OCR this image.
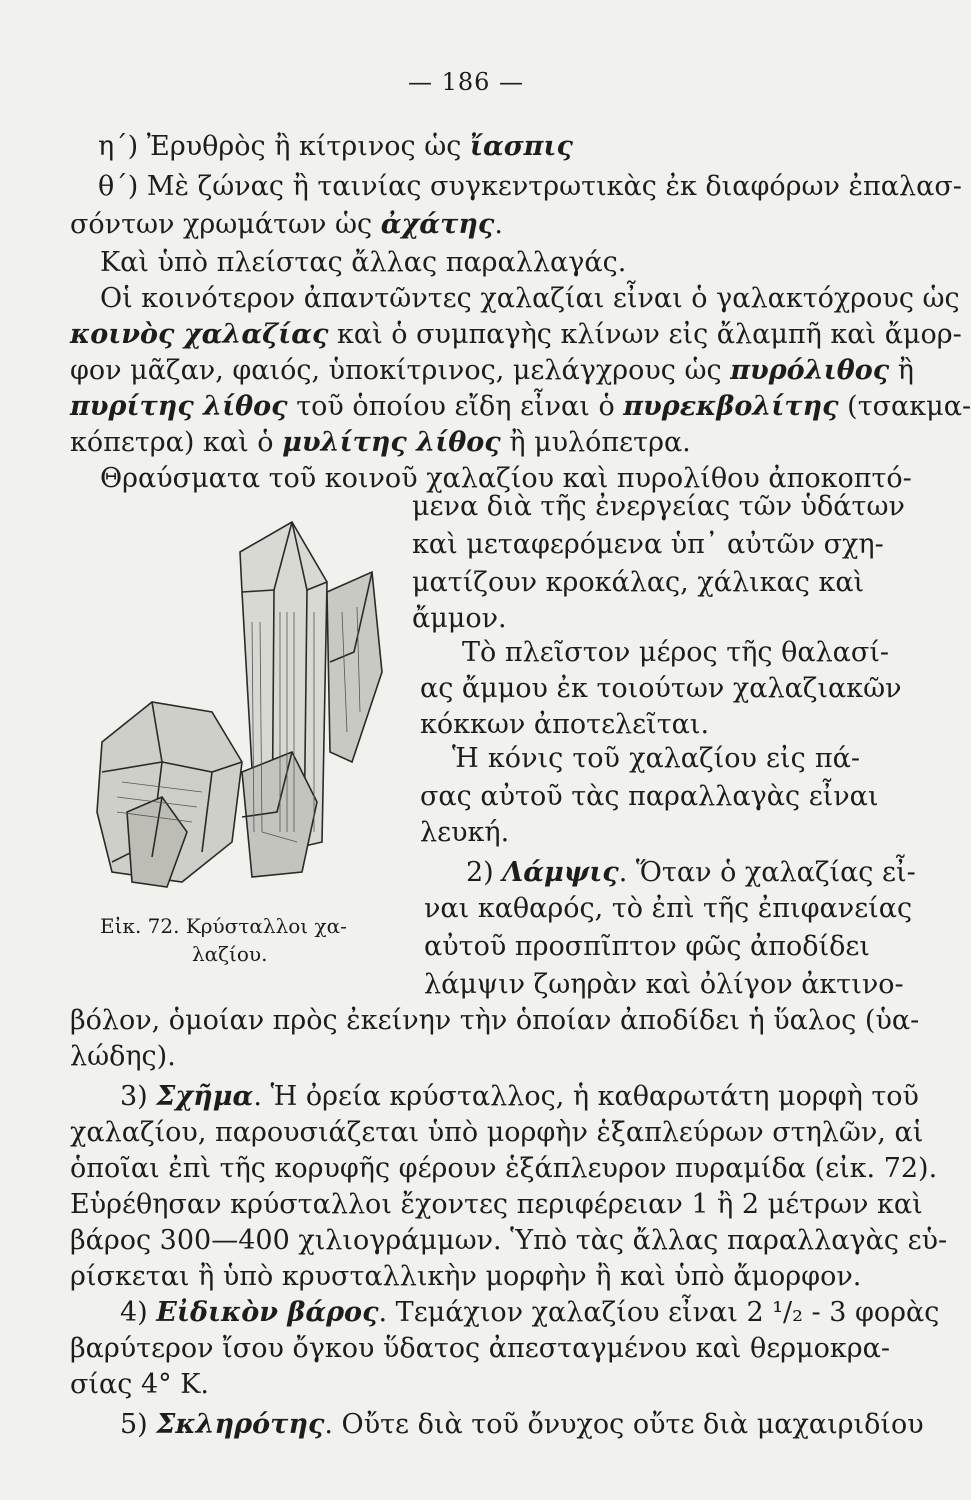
— 186 —
η΄) Ἐρυθρὸς ἢ κίτρινος ὡς ἴασπις
θ΄) Μὲ ζώνας ἢ ταινίας συγκεντρωτικὰς ἐκ διαφόρων ἐπαλασ-
σόντων χρωμάτων ὡς ἀχάτης.
Καὶ ὑπὸ πλείστας ἄλλας παραλλαγάς.
Οἱ κοινότερον ἀπαντῶντες χαλαζίαι εἶναι ὁ γαλακτόχρους ὡς
κοινὸς χαλαζίας καὶ ὁ συμπαγὴς κλίνων εἰς ἄλαμπῆ καὶ ἄμορ-
φον μᾶζαν, φαιός, ὑποκίτρινος, μελάγχρους ὡς πυρόλιθος ἢ
πυρίτης λίθος τοῦ ὁποίου εἴδη εἶναι ὁ πυρεκβολίτης (τσακμα-
κόπετρα) καὶ ὁ μυλίτης λίθος ἢ μυλόπετρα.
Θραύσματα τοῦ κοινοῦ χαλαζίου καὶ πυρολίθου ἀποκοπτό-
μενα διὰ τῆς ἐνεργείας τῶν ὑδάτων
καὶ μεταφερόμενα ὑπ᾽ αὐτῶν σχη-
ματίζουν κροκάλας, χάλικας καὶ
ἄμμον.
Τὸ πλεῖστον μέρος τῆς θαλασί-
ας ἄμμου ἐκ τοιούτων χαλαζιακῶν
κόκκων ἀποτελεῖται.
Ἡ κόνις τοῦ χαλαζίου εἰς πά-
σας αὐτοῦ τὰς παραλλαγὰς εἶναι
λευκή.
2) Λάμψις. Ὅταν ὁ χαλαζίας εἶ-
ναι καθαρός, τὸ ἐπὶ τῆς ἐπιφανείας
αὐτοῦ προσπῖπτον φῶς ἀποδίδει
λάμψιν ζωηρὰν καὶ ὀλίγον ἀκτινο-
Εἰκ. 72. Κρύσταλλοι χα-
λαζίου.
βόλον, ὁμοίαν πρὸς ἐκείνην τὴν ὁποίαν ἀποδίδει ἡ ὕαλος (ὑα-
λώδης).
3) Σχῆμα. Ἡ ὀρεία κρύσταλλος, ἡ καθαρωτάτη μορφὴ τοῦ
χαλαζίου, παρουσιάζεται ὑπὸ μορφὴν ἑξαπλεύρων στηλῶν, αἱ
ὁποῖαι ἐπὶ τῆς κορυφῆς φέρουν ἑξάπλευρον πυραμίδα (εἰκ. 72).
Εὑρέθησαν κρύσταλλοι ἔχοντες περιφέρειαν 1 ἢ 2 μέτρων καὶ
βάρος 300—400 χιλιογράμμων. Ὑπὸ τὰς ἄλλας παραλλαγὰς εὑ-
ρίσκεται ἢ ὑπὸ κρυσταλλικὴν μορφὴν ἢ καὶ ὑπὸ ἄμορφον.
4) Εἰδικὸν βάρος. Τεμάχιον χαλαζίου εἶναι 2 ¹/₂ - 3 φορὰς
βαρύτερον ἴσου ὄγκου ὕδατος ἀπεσταγμένου καὶ θερμοκρα-
σίας 4° Κ.
5) Σκληρότης. Οὔτε διὰ τοῦ ὄνυχος οὔτε διὰ μαχαιριδίου
